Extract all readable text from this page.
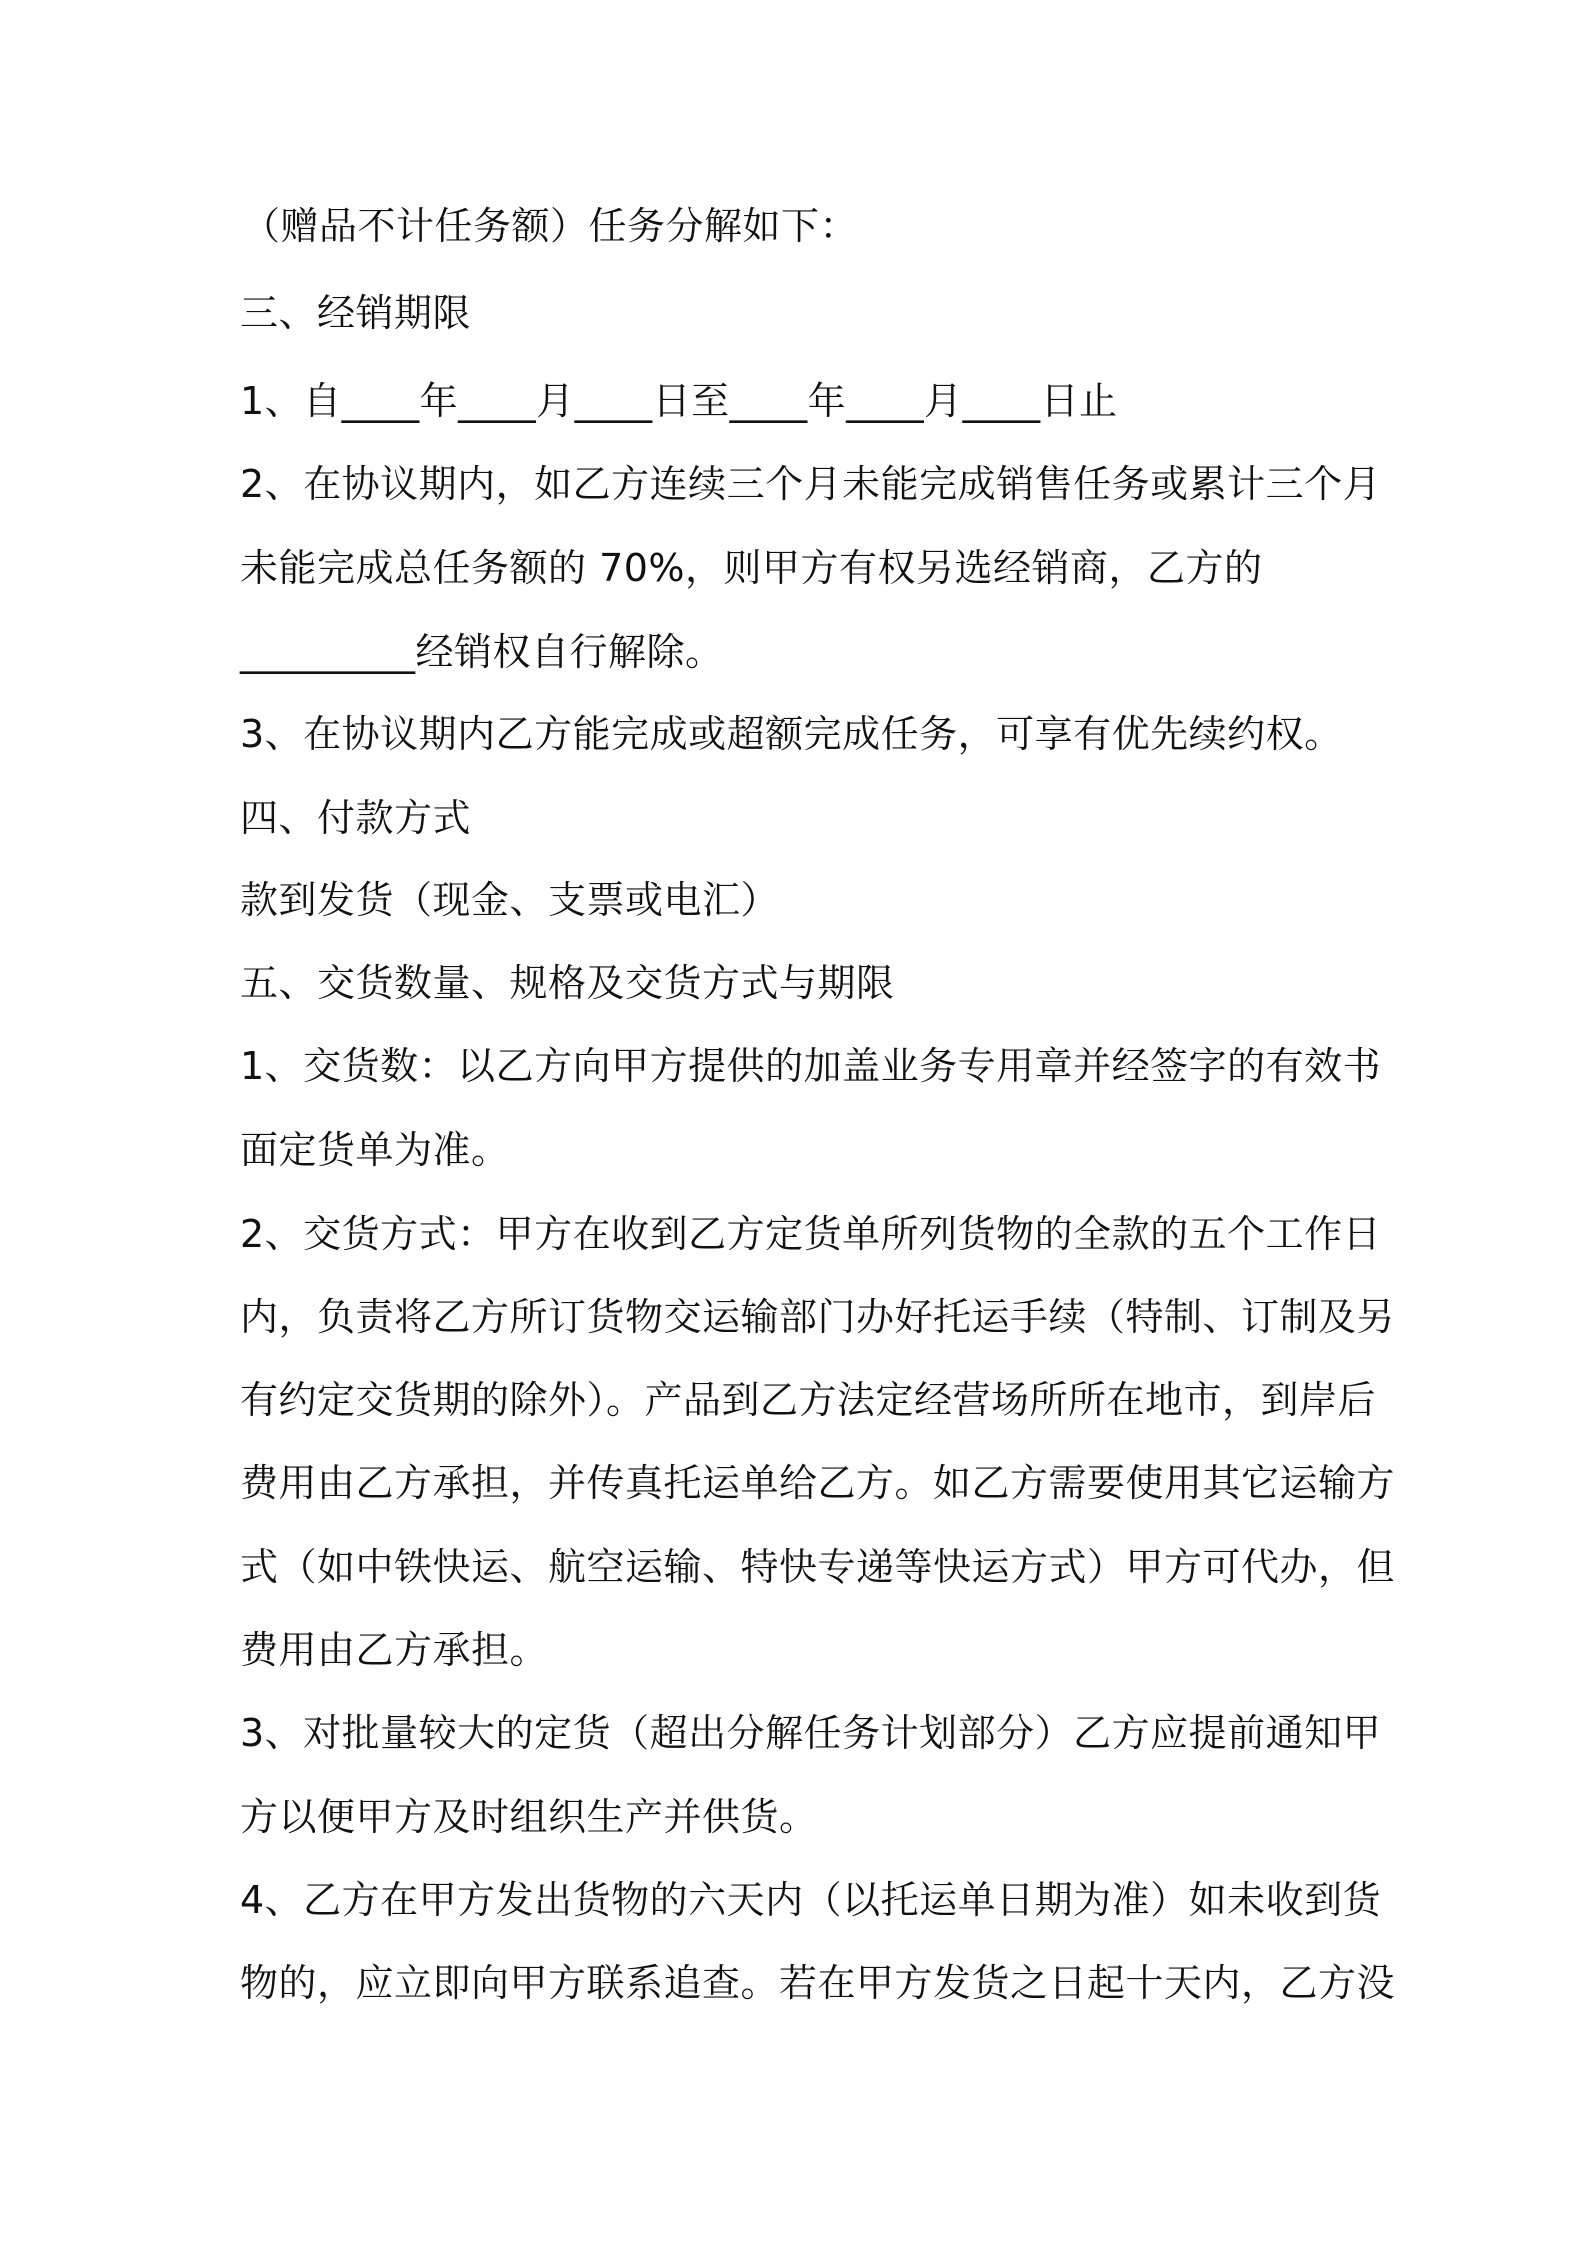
（赠品不计任务额）任务分解如下：
三、经销期限
1、自____年____月____日至____年____月____日止
2、在协议期内，如乙方连续三个月未能完成销售任务或累计三个月
未能完成总任务额的 70%，则甲方有权另选经销商，乙方的
_________经销权自行解除。
3、在协议期内乙方能完成或超额完成任务，可享有优先续约权。
四、付款方式
款到发货（现金、支票或电汇）
五、交货数量、规格及交货方式与期限
1、交货数：以乙方向甲方提供的加盖业务专用章并经签字的有效书
面定货单为准。
2、交货方式：甲方在收到乙方定货单所列货物的全款的五个工作日
内，负责将乙方所订货物交运输部门办好托运手续（特制、订制及另
有约定交货期的除外）。产品到乙方法定经营场所所在地市，到岸后
费用由乙方承担，并传真托运单给乙方。如乙方需要使用其它运输方
式（如中铁快运、航空运输、特快专递等快运方式）甲方可代办，但
费用由乙方承担。
3、对批量较大的定货（超出分解任务计划部分）乙方应提前通知甲
方以便甲方及时组织生产并供货。
4、乙方在甲方发出货物的六天内（以托运单日期为准）如未收到货
物的，应立即向甲方联系追查。若在甲方发货之日起十天内，乙方没
